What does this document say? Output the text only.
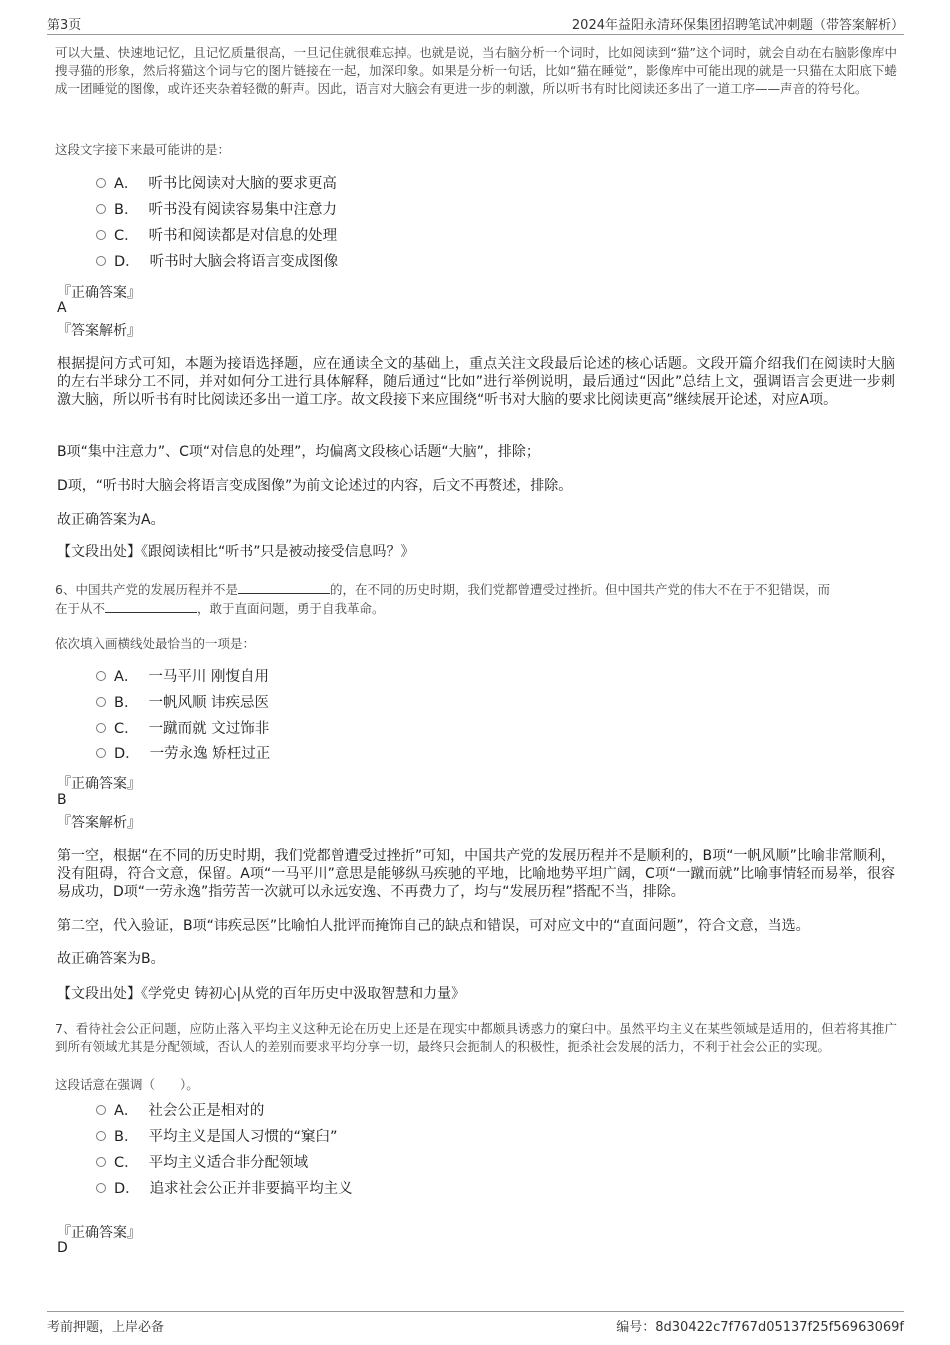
第3页	2024年益阳永清环保集团招聘笔试冲刺题（带答案解析）

可以大量、快速地记忆，且记忆质量很高，一旦记住就很难忘掉。也就是说，当右脑分析一个词时，比如阅读到“猫”这个词时，就会自动在右脑影像库中搜寻猫的形象，然后将猫这个词与它的图片链接在一起，加深印象。如果是分析一句话，比如“猫在睡觉”，影像库中可能出现的就是一只猫在太阳底下蜷成一团睡觉的图像，或许还夹杂着轻微的鼾声。因此，语言对大脑会有更进一步的刺激，所以听书有时比阅读还多出了一道工序——声音的符号化。

这段文字接下来最可能讲的是：

A． 听书比阅读对大脑的要求更高
B． 听书没有阅读容易集中注意力
C． 听书和阅读都是对信息的处理
D． 听书时大脑会将语言变成图像
『正确答案』
A
『答案解析』

根据提问方式可知，本题为接语选择题，应在通读全文的基础上，重点关注文段最后论述的核心话题。文段开篇介绍我们在阅读时大脑的左右半球分工不同，并对如何分工进行具体解释，随后通过“比如”进行举例说明，最后通过“因此”总结上文，强调语言会更进一步刺激大脑，所以听书有时比阅读还多出一道工序。故文段接下来应围绕“听书对大脑的要求比阅读更高”继续展开论述，对应A项。

B项“集中注意力”、C项“对信息的处理”，均偏离文段核心话题“大脑”，排除；

D项，“听书时大脑会将语言变成图像”为前文论述过的内容，后文不再赘述，排除。

故正确答案为A。

【文段出处】《跟阅读相比“听书”只是被动接受信息吗？》

6、中国共产党的发展历程并不是	的，在不同的历史时期，我们党都曾遭受过挫折。但中国共产党的伟大不在于不犯错误，而
在于从不	，敢于直面问题，勇于自我革命。

依次填入画横线处最恰当的一项是：

A． 一马平川 刚愎自用
B． 一帆风顺 讳疾忌医
C． 一蹴而就 文过饰非
D． 一劳永逸 矫枉过正
『正确答案』
B
『答案解析』

第一空，根据“在不同的历史时期，我们党都曾遭受过挫折”可知，中国共产党的发展历程并不是顺利的，B项“一帆风顺”比喻非常顺利，没有阻碍，符合文意，保留。A项“一马平川”意思是能够纵马疾驰的平地，比喻地势平坦广阔，C项“一蹴而就”比喻事情轻而易举，很容易成功，D项“一劳永逸”指劳苦一次就可以永远安逸、不再费力了，均与“发展历程”搭配不当，排除。

第二空，代入验证，B项“讳疾忌医”比喻怕人批评而掩饰自己的缺点和错误，可对应文中的“直面问题”，符合文意，当选。

故正确答案为B。

【文段出处】《学党史 铸初心|从党的百年历史中汲取智慧和力量》

7、看待社会公正问题，应防止落入平均主义这种无论在历史上还是在现实中都颇具诱惑力的窠臼中。虽然平均主义在某些领域是适用的，但若将其推广到所有领域尤其是分配领域，否认人的差别而要求平均分享一切，最终只会扼制人的积极性，扼杀社会发展的活力，不利于社会公正的实现。

这段话意在强调（　　）。

A． 社会公正是相对的
B． 平均主义是国人习惯的“窠臼”
C． 平均主义适合非分配领域
D． 追求社会公正并非要搞平均主义
『正确答案』
D
考前押题，上岸必备	编号：8d30422c7f767d05137f25f56963069f
